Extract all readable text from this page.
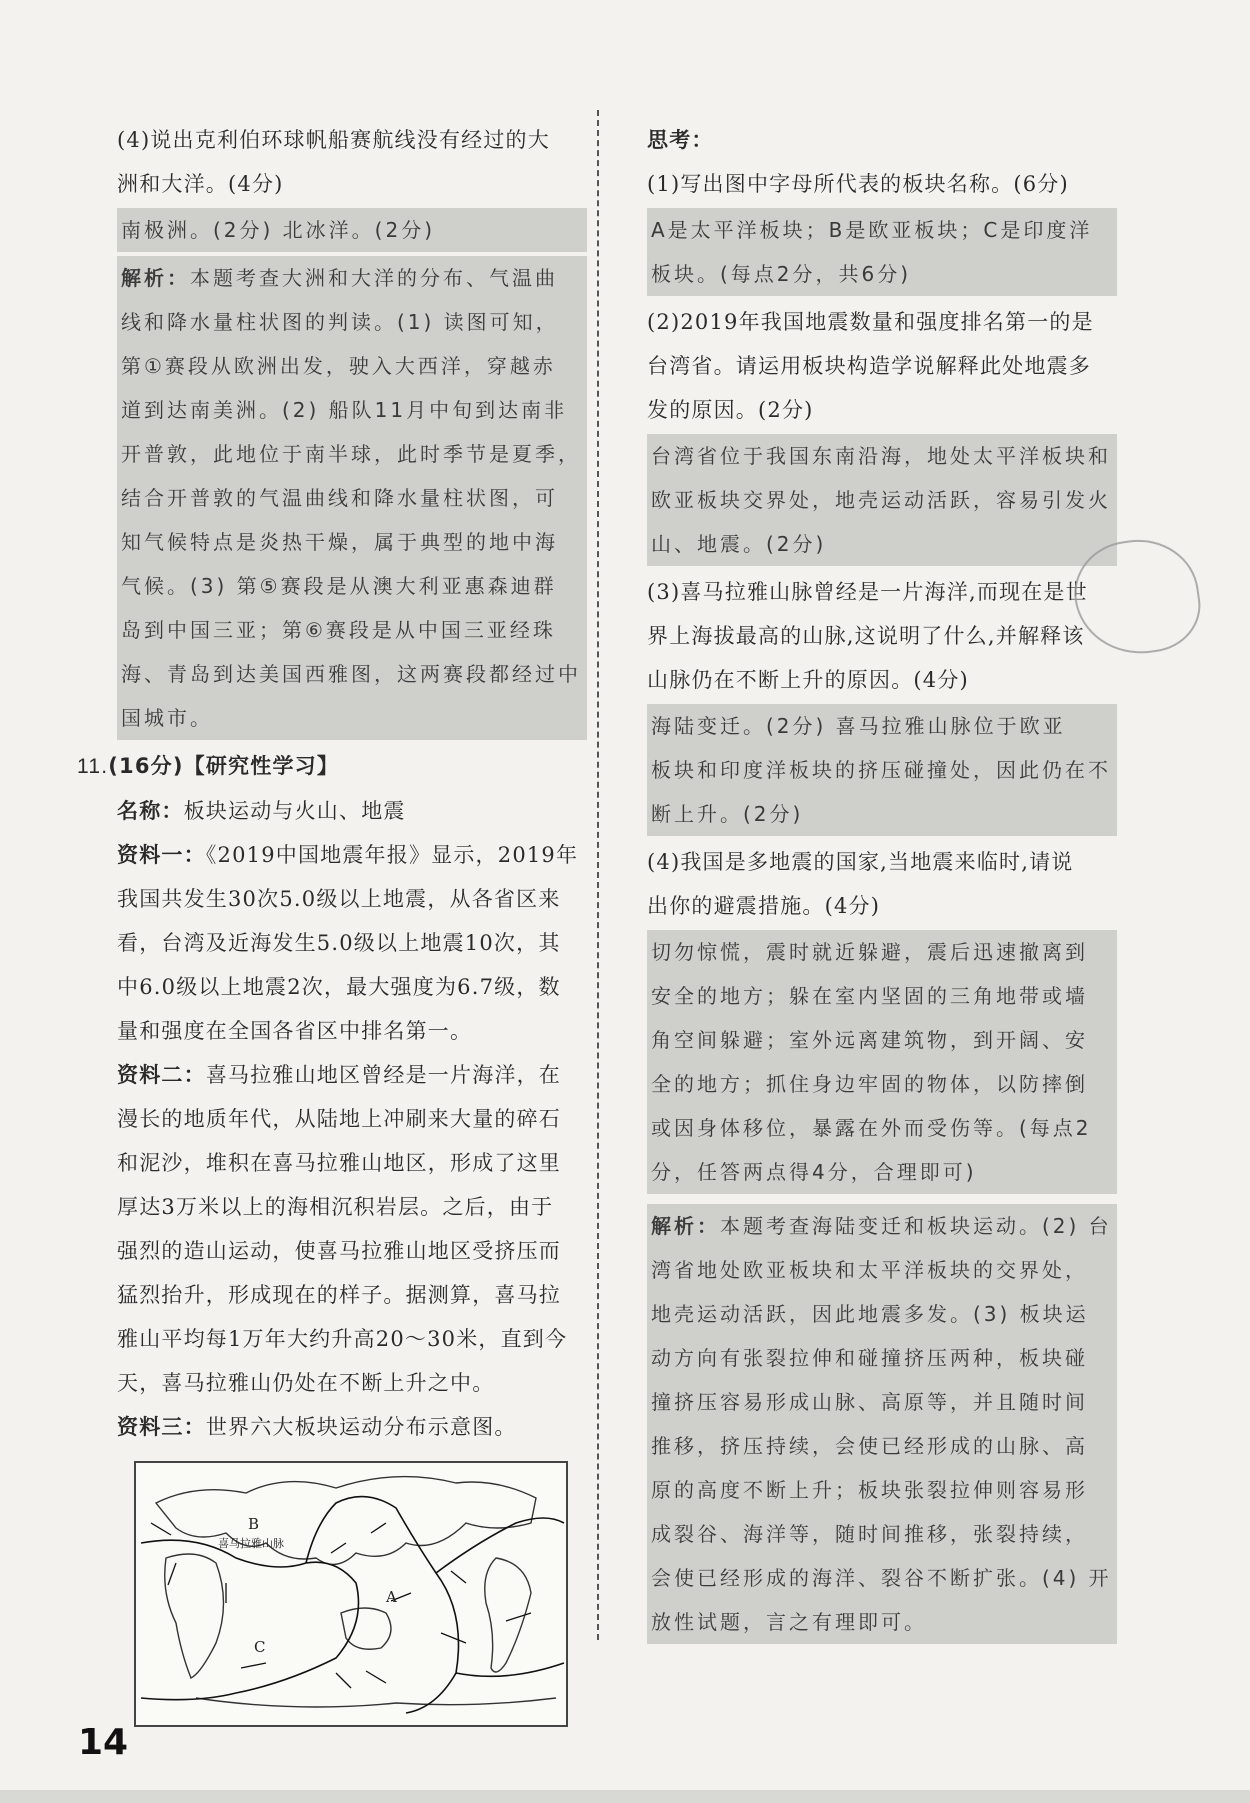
(4)说出克利伯环球帆船赛航线没有经过的大

洲和大洋。(4分)

南极洲。(2分) 北冰洋。(2分)

解析：本题考查大洲和大洋的分布、气温曲

线和降水量柱状图的判读。(1) 读图可知，

第①赛段从欧洲出发，驶入大西洋，穿越赤

道到达南美洲。(2) 船队11月中旬到达南非

开普敦，此地位于南半球，此时季节是夏季，

结合开普敦的气温曲线和降水量柱状图，可

知气候特点是炎热干燥，属于典型的地中海

气候。(3) 第⑤赛段是从澳大利亚惠森迪群

岛到中国三亚；第⑥赛段是从中国三亚经珠

海、青岛到达美国西雅图，这两赛段都经过中

国城市。

11.(16分)【研究性学习】

名称：板块运动与火山、地震

资料一：《2019中国地震年报》显示，2019年

我国共发生30次5.0级以上地震，从各省区来

看，台湾及近海发生5.0级以上地震10次，其

中6.0级以上地震2次，最大强度为6.7级，数

量和强度在全国各省区中排名第一。

资料二：喜马拉雅山地区曾经是一片海洋，在

漫长的地质年代，从陆地上冲刷来大量的碎石

和泥沙，堆积在喜马拉雅山地区，形成了这里

厚达3万米以上的海相沉积岩层。之后，由于

强烈的造山运动，使喜马拉雅山地区受挤压而

猛烈抬升，形成现在的样子。据测算，喜马拉

雅山平均每1万年大约升高20～30米，直到今

天，喜马拉雅山仍处在不断上升之中。

资料三：世界六大板块运动分布示意图。

B
喜马拉雅山脉
A
C

思考：

(1)写出图中字母所代表的板块名称。(6分)

A是太平洋板块；B是欧亚板块；C是印度洋

板块。(每点2分，共6分)

(2)2019年我国地震数量和强度排名第一的是

台湾省。请运用板块构造学说解释此处地震多

发的原因。(2分)

台湾省位于我国东南沿海，地处太平洋板块和

欧亚板块交界处，地壳运动活跃，容易引发火

山、地震。(2分)

(3)喜马拉雅山脉曾经是一片海洋,而现在是世

界上海拔最高的山脉,这说明了什么,并解释该

山脉仍在不断上升的原因。(4分)

海陆变迁。(2分) 喜马拉雅山脉位于欧亚

板块和印度洋板块的挤压碰撞处，因此仍在不

断上升。(2分)

(4)我国是多地震的国家,当地震来临时,请说

出你的避震措施。(4分)

切勿惊慌，震时就近躲避，震后迅速撤离到

安全的地方；躲在室内坚固的三角地带或墙

角空间躲避；室外远离建筑物，到开阔、安

全的地方；抓住身边牢固的物体，以防摔倒

或因身体移位，暴露在外而受伤等。(每点2

分，任答两点得4分，合理即可)

解析：本题考查海陆变迁和板块运动。(2) 台

湾省地处欧亚板块和太平洋板块的交界处，

地壳运动活跃，因此地震多发。(3) 板块运

动方向有张裂拉伸和碰撞挤压两种，板块碰

撞挤压容易形成山脉、高原等，并且随时间

推移，挤压持续，会使已经形成的山脉、高

原的高度不断上升；板块张裂拉伸则容易形

成裂谷、海洋等，随时间推移，张裂持续，

会使已经形成的海洋、裂谷不断扩张。(4) 开

放性试题，言之有理即可。

14
